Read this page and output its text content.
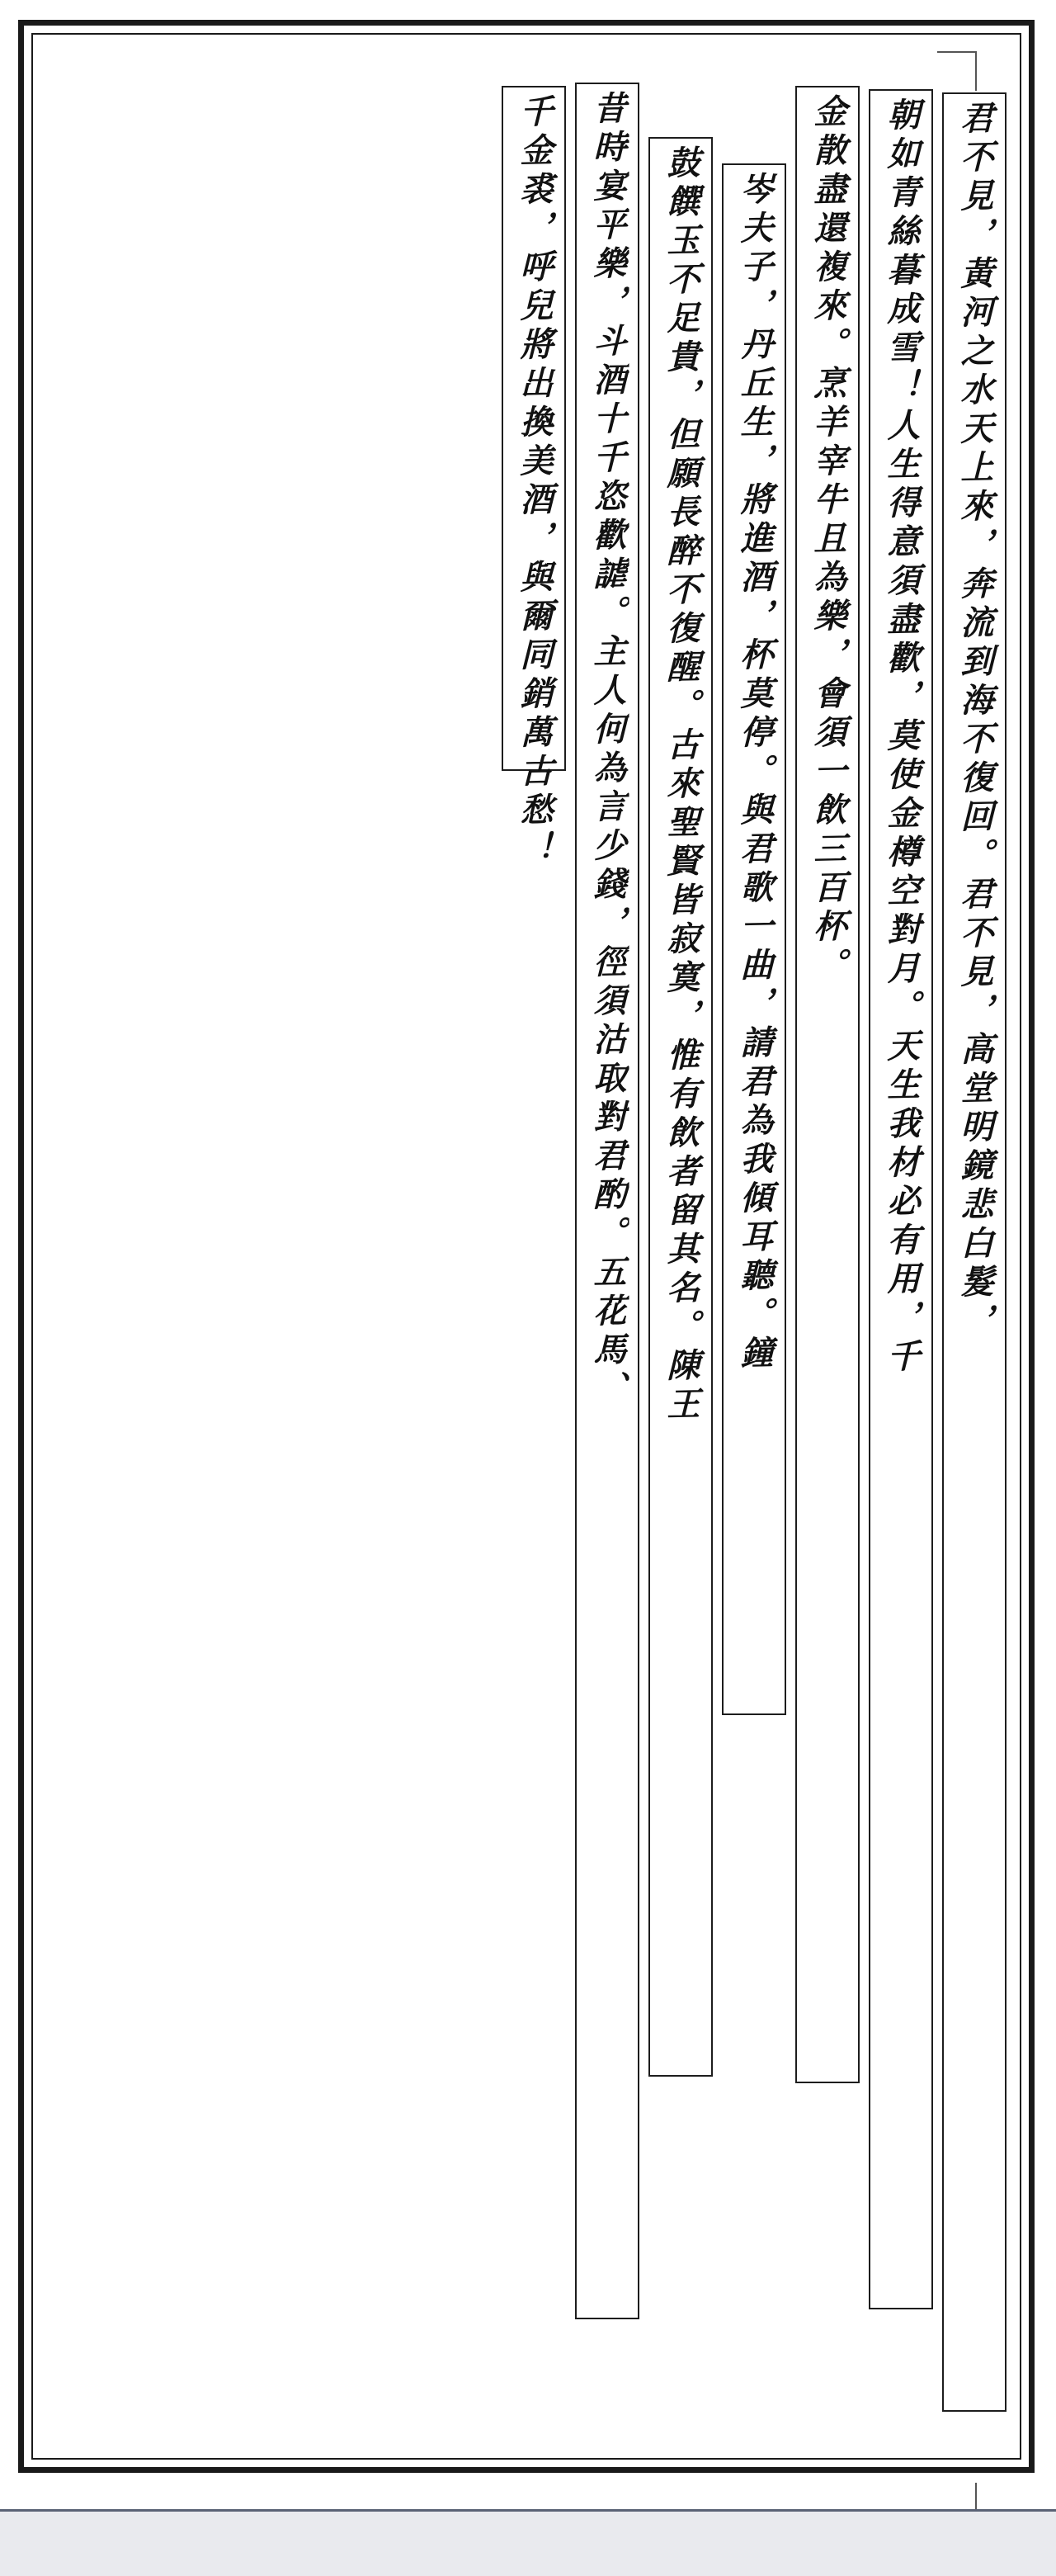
君不見，黃河之水天上來，奔流到海不復回。君不見，高堂明鏡悲白髮，
朝如青絲暮成雪！人生得意須盡歡，莫使金樽空對月。天生我材必有用，千
金散盡還複來。烹羊宰牛且為樂，會須一飲三百杯。
岑夫子，丹丘生，將進酒，杯莫停。與君歌一曲，請君為我傾耳聽。鐘
鼓饌玉不足貴，但願長醉不復醒。古來聖賢皆寂寞，惟有飲者留其名。陳王
昔時宴平樂，斗酒十千恣歡謔。主人何為言少錢，徑須沽取對君酌。五花馬、
千金裘，呼兒將出換美酒，與爾同銷萬古愁！
